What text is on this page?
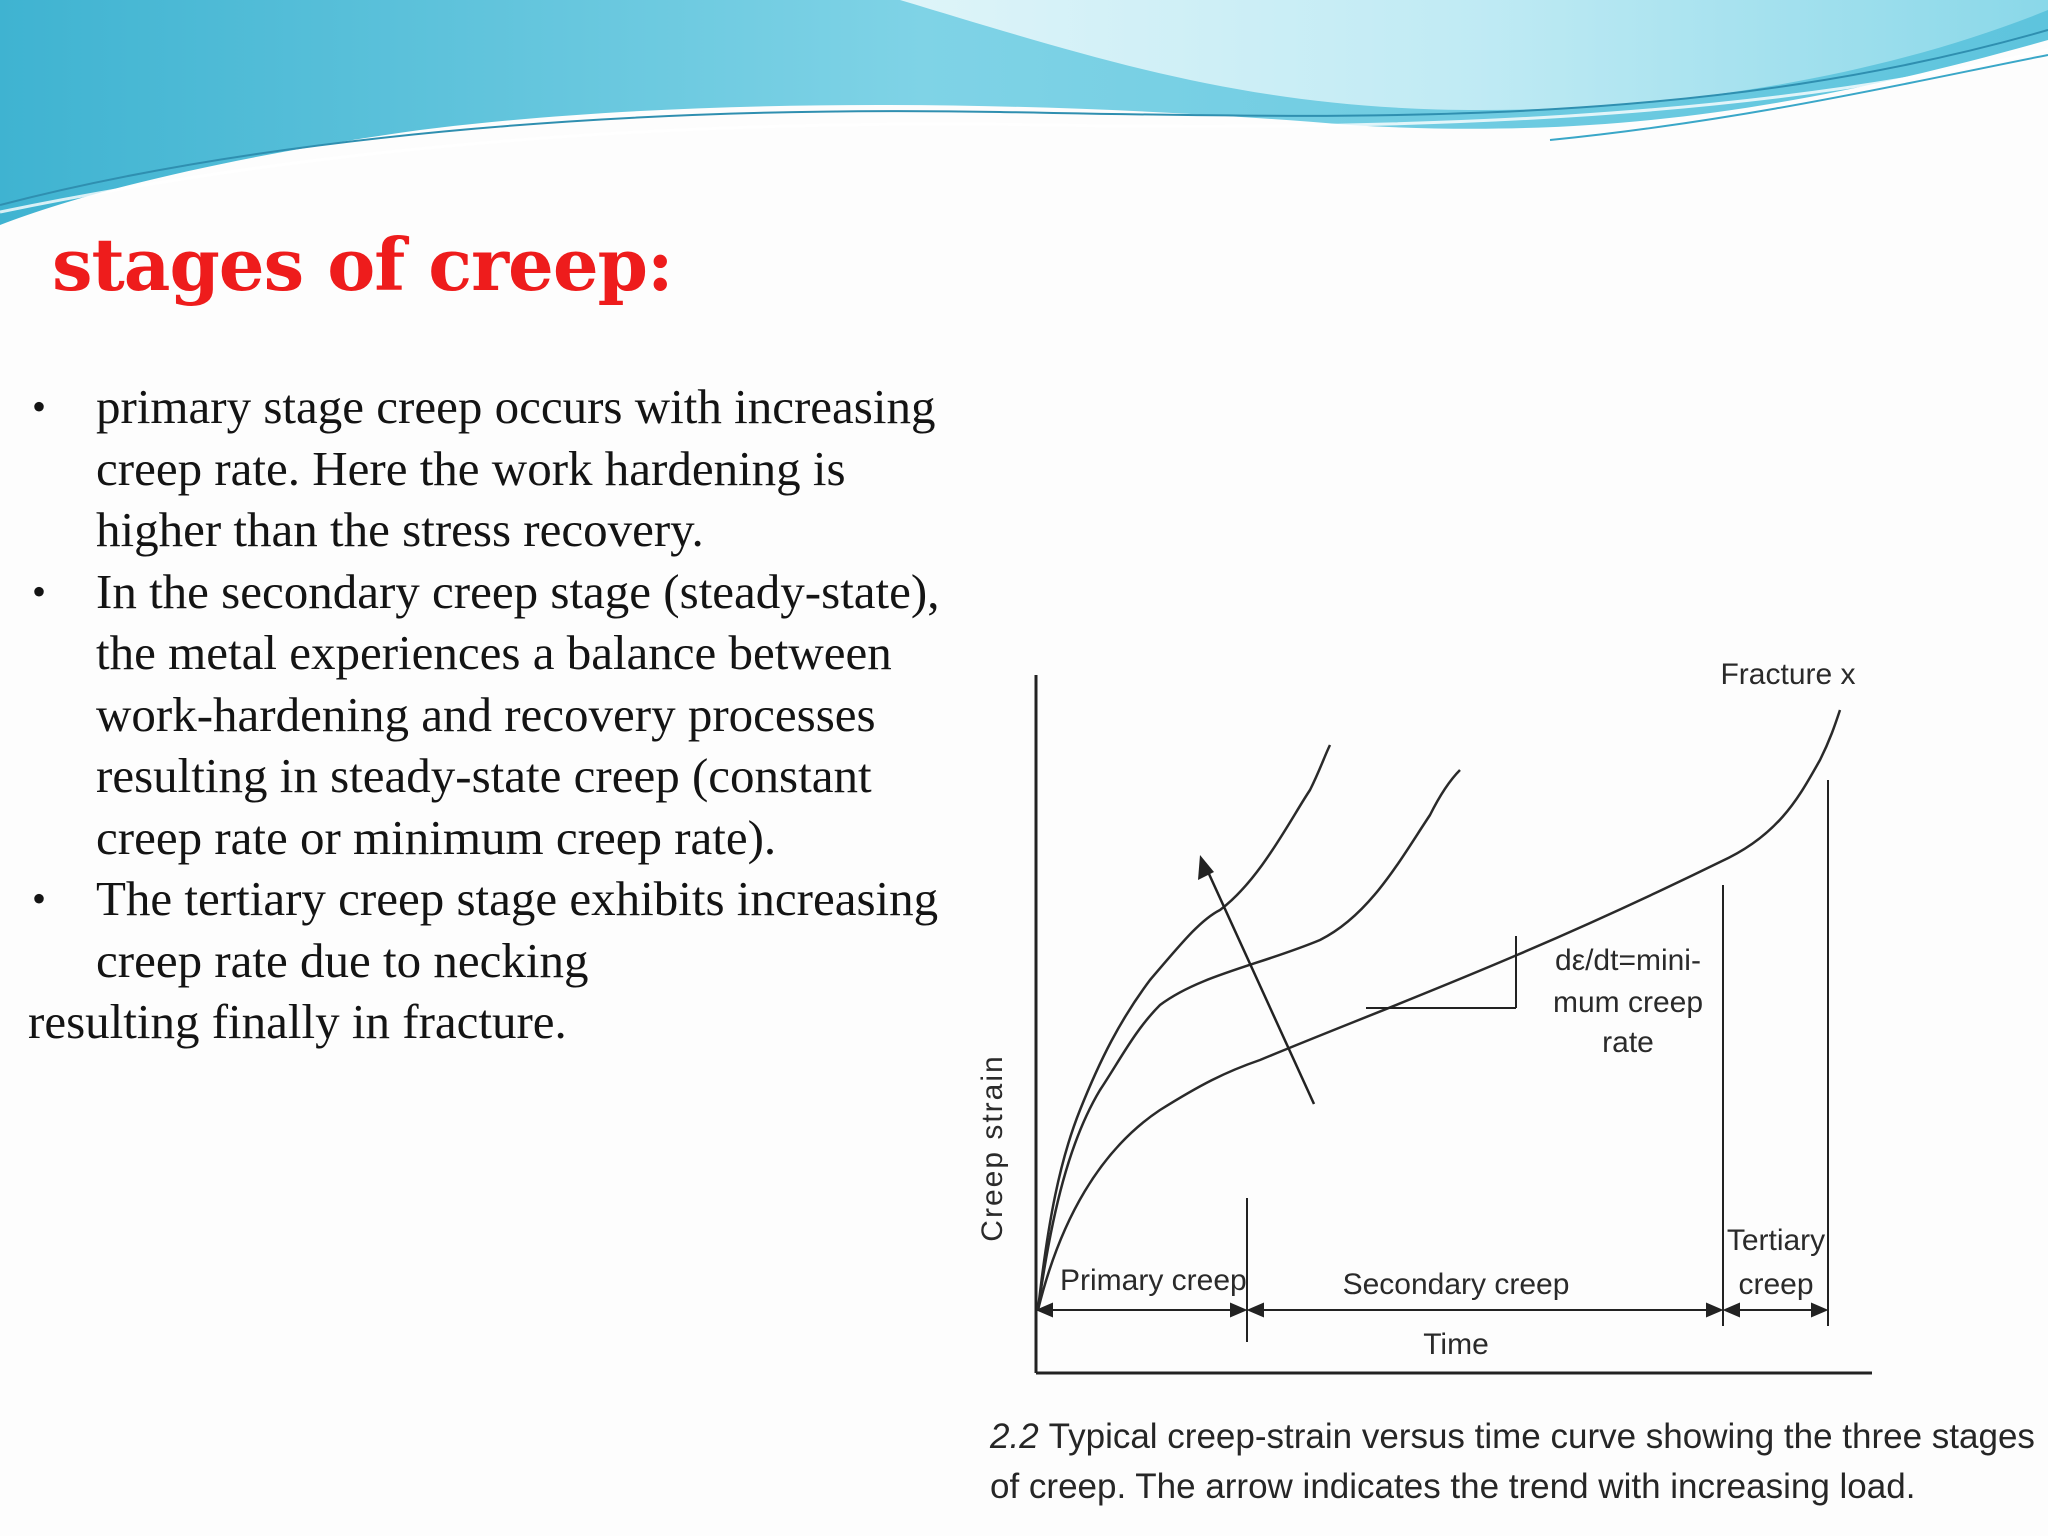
stages of creep:
•	primary stage creep occurs with increasing
creep rate. Here the work hardening is
higher than the stress recovery.
•	In the secondary creep stage (steady-state),
the metal experiences a balance between
work-hardening and recovery processes
resulting in steady-state creep (constant
creep rate or minimum creep rate).
•	The tertiary creep stage exhibits increasing
creep rate due to necking
resulting finally in fracture.
Creep strain
Time
Primary creep	Secondary creep
Tertiary
creep
Fracture x
dε/dt=mini-
mum creep
rate
2.2 Typical creep-strain versus time curve showing the three stages of creep. The arrow indicates the trend with increasing load.
